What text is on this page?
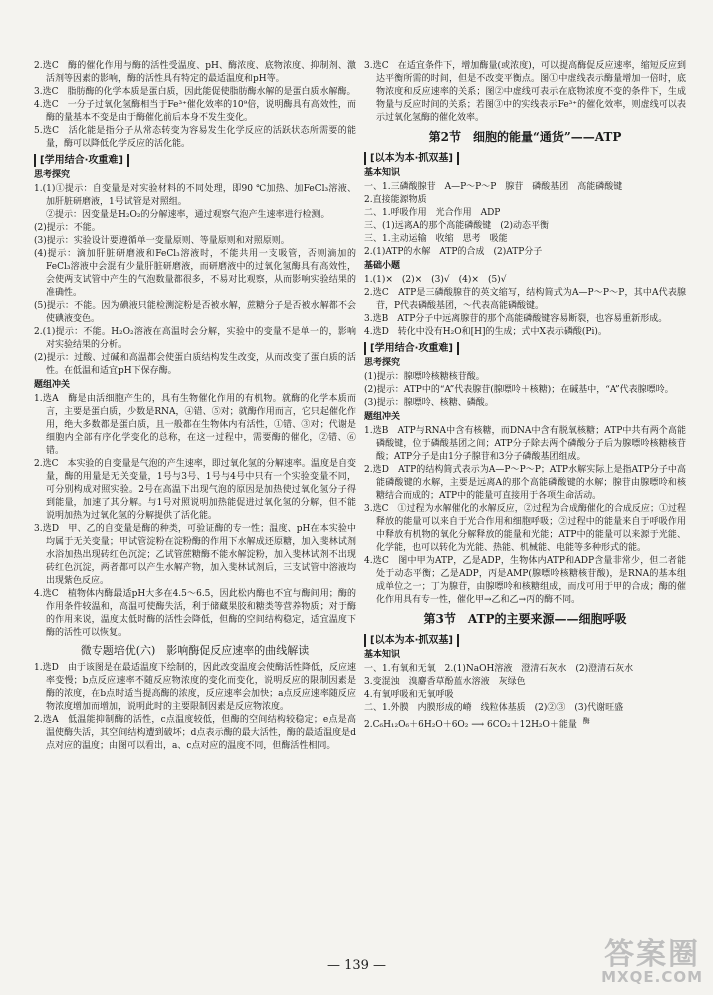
2.选C　酶的催化作用与酶的活性受温度、pH、酶浓度、底物浓度、抑制剂、激活剂等因素的影响，酶的活性具有特定的最适温度和pH等。

3.选C　脂肪酶的化学本质是蛋白质，因此能促使脂肪酶水解的是蛋白质水解酶。

4.选C　一分子过氧化氢酶相当于Fe³⁺催化效率的10⁹倍，说明酶具有高效性，而酶的量基本不变是由于酶催化前后本身不发生变化。

5.选C　活化能是指分子从常态转变为容易发生化学反应的活跃状态所需要的能量，酶可以降低化学反应的活化能。

[学用结合·攻重难]
思考探究

1.(1)①提示：自变量是对实验材料的不同处理，即90 ℃加热、加FeCl₃溶液、加肝脏研磨液，1号试管是对照组。

②提示：因变量是H₂O₂的分解速率，通过观察气泡产生速率进行检测。

(2)提示：不能。

(3)提示：实验设计要遵循单一变量原则、等量原则和对照原则。

(4)提示：滴加肝脏研磨液和FeCl₃溶液时，不能共用一支吸管，否则滴加的FeCl₃溶液中会混有少量肝脏研磨液，而研磨液中的过氧化氢酶具有高效性，会使两支试管中产生的气泡数量都很多，不易对比观察，从而影响实验结果的准确性。

(5)提示：不能。因为碘液只能检测淀粉是否被水解，蔗糖分子是否被水解都不会使碘液变色。

2.(1)提示：不能。H₂O₂溶液在高温时会分解，实验中的变量不是单一的，影响对实验结果的分析。

(2)提示：过酸、过碱和高温都会使蛋白质结构发生改变，从而改变了蛋白质的活性。在低温和适宜pH下保存酶。

题组冲关

1.选A　酶是由活细胞产生的，具有生物催化作用的有机物。就酶的化学本质而言，主要是蛋白质，少数是RNA，④错、⑤对；就酶作用而言，它只起催化作用，绝大多数都是蛋白质，且一般都在生物体内有活性，①错、③对；代谢是细胞内全部有序化学变化的总称，在这一过程中，需要酶的催化，②错、⑥错。

2.选C　本实验的自变量是气泡的产生速率，即过氧化氢的分解速率。温度是自变量，酶的用量是无关变量，1号与3号、1号与4号中只有一个实验变量不同，可分别构成对照实验。2号在高温下出现气泡的原因是加热使过氧化氢分子得到能量，加速了其分解。与1号对照说明加热能促进过氧化氢的分解，但不能说明加热为过氧化氢的分解提供了活化能。

3.选D　甲、乙的自变量是酶的种类，可验证酶的专一性；温度、pH在本实验中均属于无关变量；甲试管淀粉在淀粉酶的作用下水解成还原糖，加入斐林试剂水浴加热出现砖红色沉淀；乙试管蔗糖酶不能水解淀粉，加入斐林试剂不出现砖红色沉淀，两者都可以产生水解产物，加入斐林试剂后，三支试管中溶液均出现紫色反应。

4.选C　植物体内酶最适pH大多在4.5～6.5，因此松内酶也不宜与酶间用；酶的作用条件较温和，高温可使酶失活，利于储藏果胶和糖类等营养物质；对于酶的作用来说，温度太低时酶的活性会降低，但酶的空间结构稳定，适宜温度下酶的活性可以恢复。

微专题培优(六)　影响酶促反应速率的曲线解读

1.选D　由于该图是在最适温度下绘制的，因此改变温度会使酶活性降低，反应速率变慢；b点反应速率不随反应物浓度的变化而变化，说明反应的限制因素是酶的浓度，在b点时适当提高酶的浓度，反应速率会加快；a点反应速率随反应物浓度增加而增加，说明此时的主要限制因素是反应物浓度。

2.选A　低温能抑制酶的活性，c点温度较低，但酶的空间结构较稳定；e点是高温使酶失活，其空间结构遭到破坏；d点表示酶的最大活性，酶的最适温度是d点对应的温度；由图可以看出，a、c点对应的温度不同，但酶活性相同。

3.选C　在适宜条件下，增加酶量(或浓度)，可以提高酶促反应速率，缩短反应到达平衡所需的时间，但是不改变平衡点。图①中虚线表示酶量增加一倍时，底物浓度和反应速率的关系；图②中虚线可表示在底物浓度不变的条件下，生成物量与反应时间的关系；若图③中的实线表示Fe³⁺的催化效率，则虚线可以表示过氧化氢酶的催化效率。

第2节　细胞的能量“通货”——ATP
[以本为本·抓双基]
基本知识

一、1.三磷酸腺苷　A—P～P～P　腺苷　磷酸基团　高能磷酸键

2.直接能源物质

二、1.呼吸作用　光合作用　ADP

三、(1)远离A的那个高能磷酸键　(2)动态平衡

三、1.主动运输　收缩　思考　吸能

2.(1)ATP的水解　ATP的合成　(2)ATP分子

基础小题

1.(1)×　(2)×　(3)√　(4)×　(5)√

2.选C　ATP是三磷酸腺苷的英文缩写，结构简式为A—P～P～P，其中A代表腺苷，P代表磷酸基团，～代表高能磷酸键。

3.选B　ATP分子中远离腺苷的那个高能磷酸键容易断裂，也容易重新形成。

4.选D　转化中没有H₂O和[H]的生成；式中X表示磷酸(Pi)。

[学用结合·攻重难]
思考探究

(1)提示：腺嘌呤核糖核苷酸。

(2)提示：ATP中的“A”代表腺苷(腺嘌呤＋核糖)；在碱基中，“A”代表腺嘌呤。

(3)提示：腺嘌呤、核糖、磷酸。

题组冲关

1.选B　ATP与RNA中含有核糖，而DNA中含有脱氧核糖；ATP中共有两个高能磷酸键，位于磷酸基团之间；ATP分子除去两个磷酸分子后为腺嘌呤核糖核苷酸；ATP分子是由1分子腺苷和3分子磷酸基团组成。

2.选D　ATP的结构简式表示为A—P～P～P；ATP水解实际上是指ATP分子中高能磷酸键的水解，主要是远离A的那个高能磷酸键的水解；腺苷由腺嘌呤和核糖结合而成的；ATP中的能量可直接用于各项生命活动。

3.选C　①过程为水解催化的水解反应，②过程为合成酶催化的合成反应；①过程释放的能量可以来自于光合作用和细胞呼吸；②过程中的能量来自于呼吸作用中释放有机物的氧化分解释放的能量和光能；ATP中的能量可以来源于光能、化学能，也可以转化为光能、热能、机械能、电能等多种形式的能。

4.选C　图中甲为ATP，乙是ADP，生物体内ATP和ADP含量非常少，但二者能处于动态平衡；乙是ADP，丙是AMP(腺嘌呤核糖核苷酸)，是RNA的基本组成单位之一；丁为腺苷，由腺嘌呤和核糖组成，而戊可用于甲的合成；酶的催化作用具有专一性，催化甲→乙和乙→丙的酶不同。

第3节　ATP的主要来源——细胞呼吸
[以本为本·抓双基]
基本知识

一、1.有氧和无氧　2.(1)NaOH溶液　澄清石灰水　(2)澄清石灰水

3.变混浊　溴麝香草酚蓝水溶液　灰绿色

4.有氧呼吸和无氧呼吸

二、1.外膜　内膜形成的嵴　线粒体基质　(2)②③　(3)代谢旺盛

2.C₆H₁₂O₆＋6H₂O＋6O₂ ⟶ 6CO₂＋12H₂O＋能量 $^酶$

— 139 —	答案圈
MXQE.COM
